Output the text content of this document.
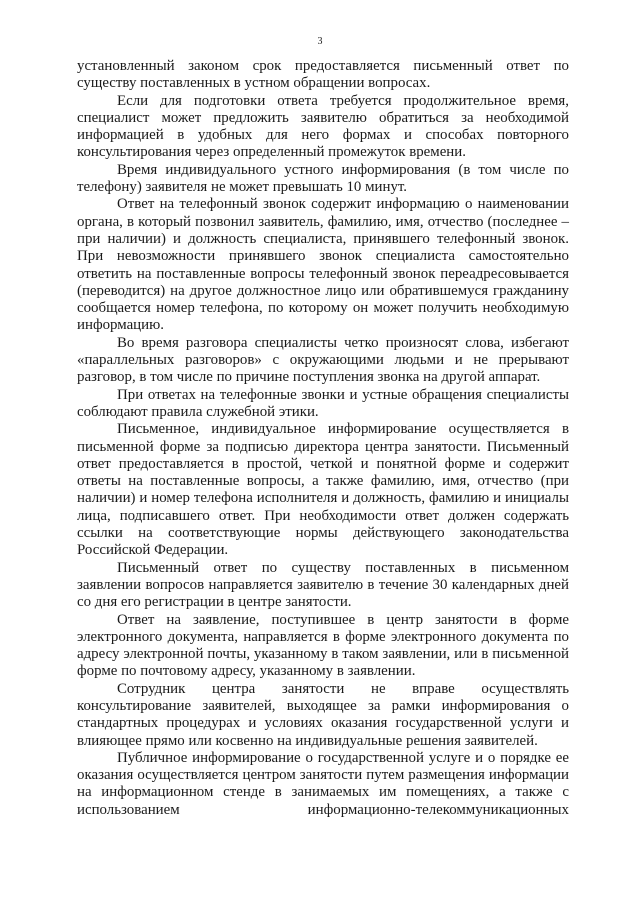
3

установленный законом срок предоставляется письменный ответ по существу поставленных в устном обращении вопросах.

Если для подготовки ответа требуется продолжительное время, специалист может предложить заявителю обратиться за необходимой информацией в удобных для него формах и способах повторного консультирования через определенный промежуток времени.

Время индивидуального устного информирования (в том числе по телефону) заявителя не может превышать 10 минут.

Ответ на телефонный звонок содержит информацию о наименовании органа, в который позвонил заявитель, фамилию, имя, отчество (последнее – при наличии) и должность специалиста, принявшего телефонный звонок. При невозможности принявшего звонок специалиста самостоятельно ответить на поставленные вопросы телефонный звонок переадресовывается (переводится) на другое должностное лицо или обратившемуся гражданину сообщается номер телефона, по которому он может получить необходимую информацию.

Во время разговора специалисты четко произносят слова, избегают «параллельных разговоров» с окружающими людьми и не прерывают разговор, в том числе по причине поступления звонка на другой аппарат.

При ответах на телефонные звонки и устные обращения специалисты соблюдают правила служебной этики.

Письменное, индивидуальное информирование осуществляется в письменной форме за подписью директора центра занятости. Письменный ответ предоставляется в простой, четкой и понятной форме и содержит ответы на поставленные вопросы, а также фамилию, имя, отчество (при наличии) и номер телефона исполнителя и должность, фамилию и инициалы лица, подписавшего ответ. При необходимости ответ должен содержать ссылки на соответствующие нормы действующего законодательства Российской Федерации.

Письменный ответ по существу поставленных в письменном заявлении вопросов направляется заявителю в течение 30 календарных дней со дня его регистрации в центре занятости.

Ответ на заявление, поступившее в центр занятости в форме электронного документа, направляется в форме электронного документа по адресу электронной почты, указанному в таком заявлении, или в письменной форме по почтовому адресу, указанному в заявлении.

Сотрудник центра занятости не вправе осуществлять консультирование заявителей, выходящее за рамки информирования о стандартных процедурах и условиях оказания государственной услуги и влияющее прямо или косвенно на индивидуальные решения заявителей.

Публичное информирование о государственной услуге и о порядке ее оказания осуществляется центром занятости путем размещения информации на информационном стенде в занимаемых им помещениях, а также с использованием информационно-телекоммуникационных
